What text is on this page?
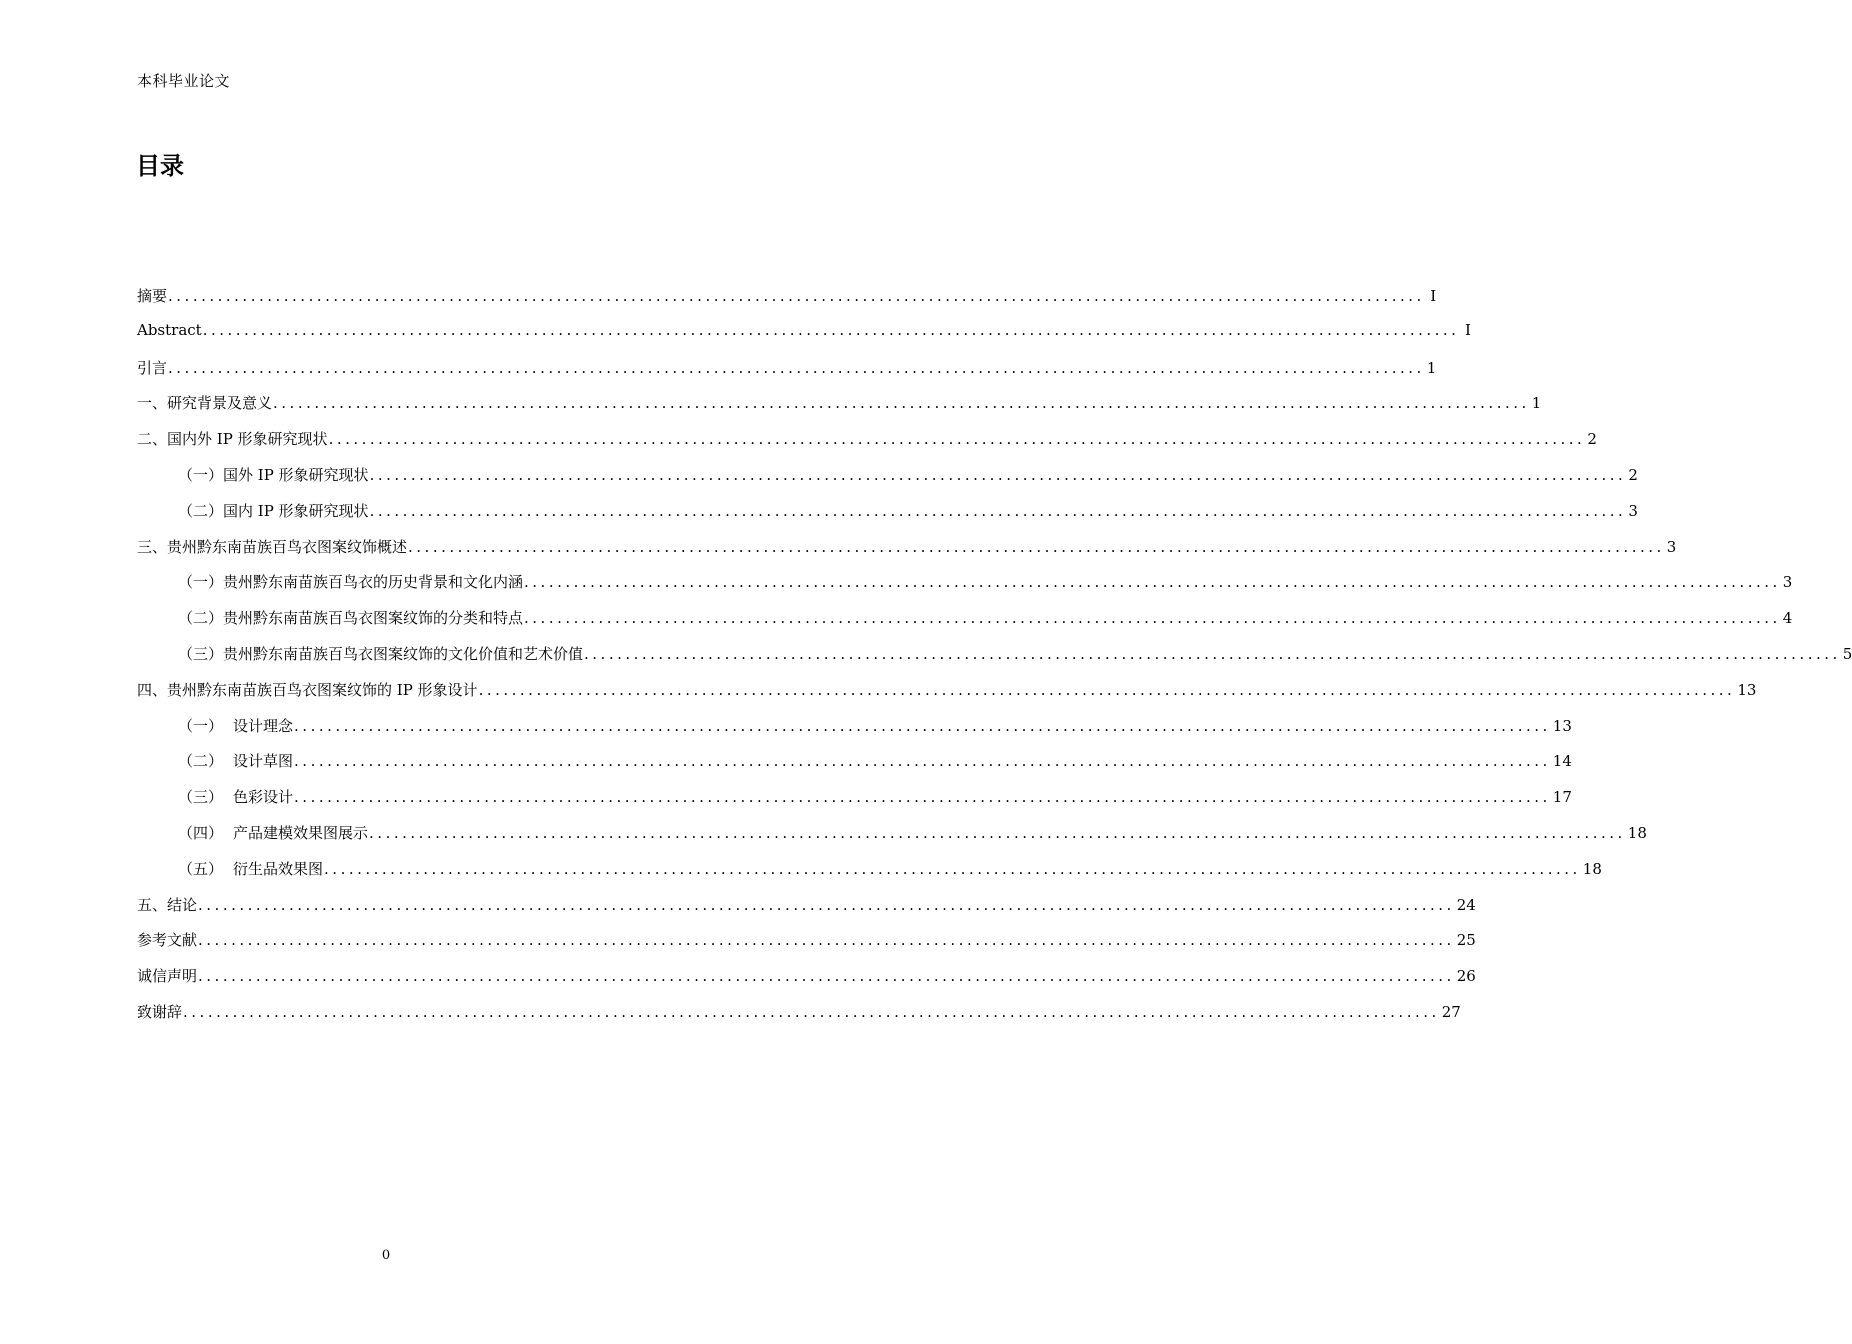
本科毕业论文
目录
摘要 ........................................................................................................................................................ I
Abstract ........................................................................................................................................................ I
引言 ........................................................................................................................................................ 1
一、研究背景及意义 ........................................................................................................................................................ 1
二、国内外 IP 形象研究现状 ........................................................................................................................................................ 2
（一）国外 IP 形象研究现状 ........................................................................................................................................................ 2
（二）国内 IP 形象研究现状 ........................................................................................................................................................ 3
三、贵州黔东南苗族百鸟衣图案纹饰概述 ........................................................................................................................................................ 3
（一）贵州黔东南苗族百鸟衣的历史背景和文化内涵 ........................................................................................................................................................ 3
（二）贵州黔东南苗族百鸟衣图案纹饰的分类和特点 ........................................................................................................................................................ 4
（三）贵州黔东南苗族百鸟衣图案纹饰的文化价值和艺术价值 ........................................................................................................................................................ 5
四、贵州黔东南苗族百鸟衣图案纹饰的 IP 形象设计 ........................................................................................................................................................ 13
（一） 设计理念 ........................................................................................................................................................ 13
（二） 设计草图 ........................................................................................................................................................ 14
（三） 色彩设计 ........................................................................................................................................................ 17
（四） 产品建模效果图展示 ........................................................................................................................................................ 18
（五） 衍生品效果图 ........................................................................................................................................................ 18
五、结论 ........................................................................................................................................................ 24
参考文献 ........................................................................................................................................................ 25
诚信声明 ........................................................................................................................................................ 26
致谢辞 ........................................................................................................................................................ 27
0
